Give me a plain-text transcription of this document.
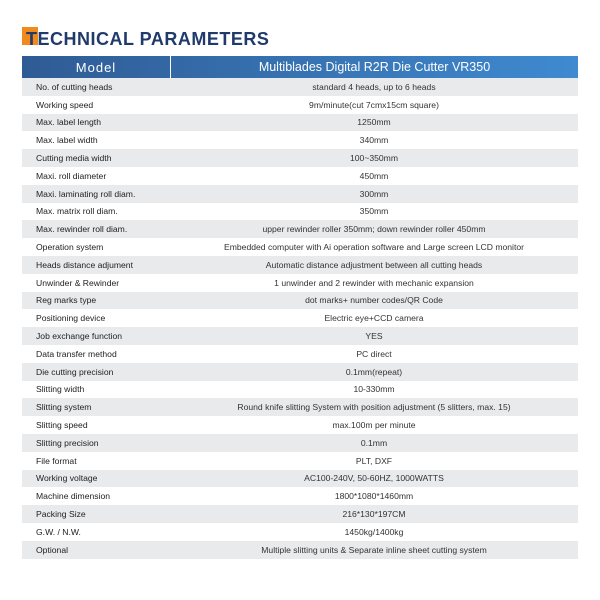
TECHNICAL PARAMETERS
Model	Multiblades Digital R2R Die Cutter VR350
No. of cutting heads	standard 4 heads, up to 6 heads
Working speed	9m/minute(cut 7cmx15cm square)
Max. label length	1250mm
Max. label width	340mm
Cutting media width	100~350mm
Maxi. roll diameter	450mm
Maxi. laminating roll diam.	300mm
Max. matrix roll diam.	350mm
Max. rewinder roll diam.	upper rewinder roller 350mm; down rewinder roller 450mm
Operation system	Embedded computer with Ai operation software and Large screen LCD monitor
Heads distance adjument	Automatic distance adjustment between all cutting heads
Unwinder & Rewinder	1 unwinder and 2 rewinder with mechanic expansion
Reg marks type	dot marks+ number codes/QR Code
Positioning device	Electric eye+CCD camera
Job exchange function	YES
Data transfer method	PC direct
Die cutting precision	0.1mm(repeat)
Slitting width	10-330mm
Slitting system	Round knife slitting System with position adjustment (5 slitters, max. 15)
Slitting speed	max.100m per minute
Slitting precision	0.1mm
File format	PLT, DXF
Working voltage	AC100-240V, 50-60HZ, 1000WATTS
Machine dimension	1800*1080*1460mm
Packing Size	216*130*197CM
G.W. / N.W.	1450kg/1400kg
Optional	Multiple slitting units & Separate inline sheet cutting system
